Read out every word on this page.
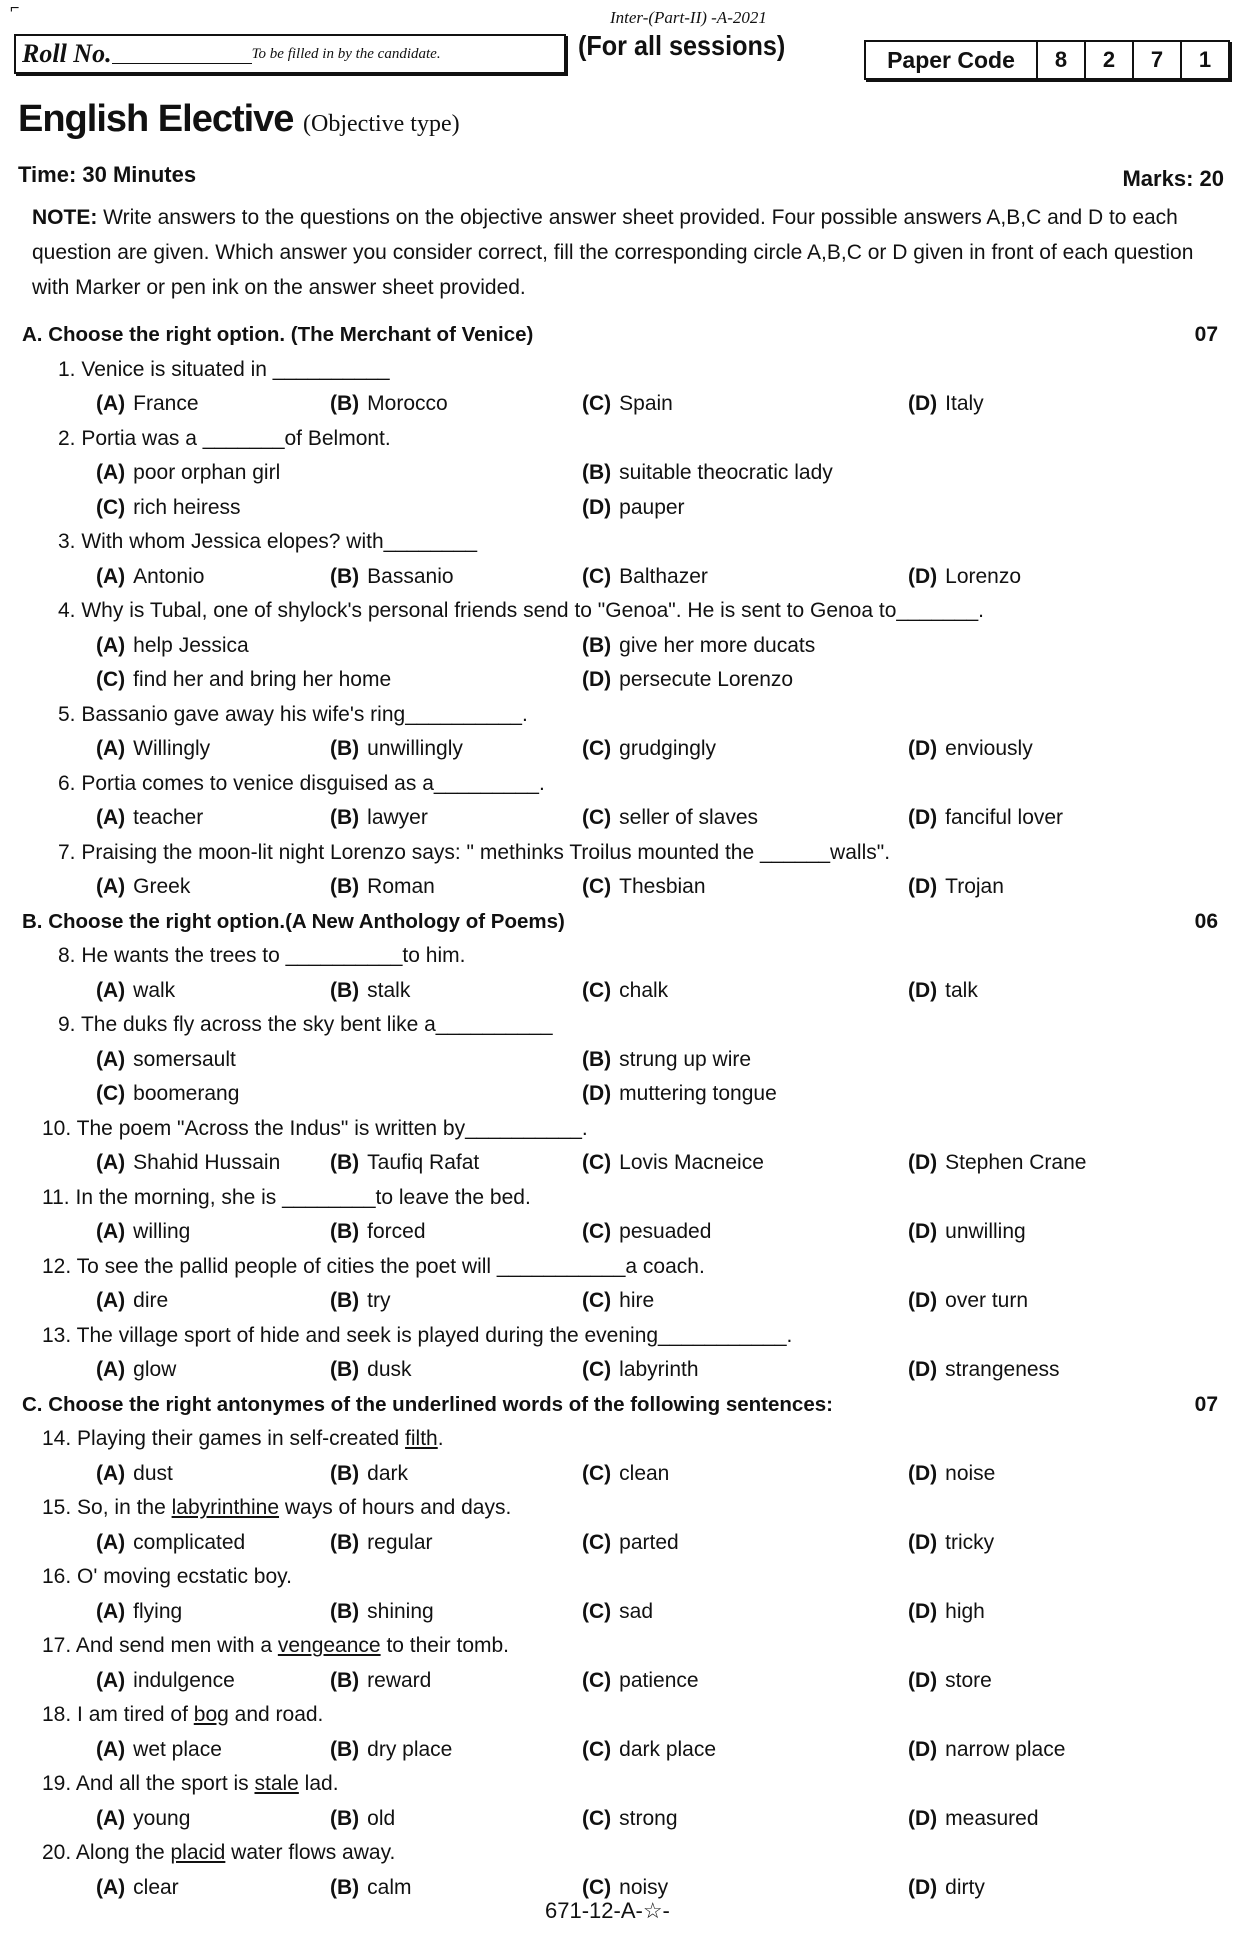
⌐	Inter-(Part-II) -A-2021
Roll No.	To be filled in by the candidate.	(For all sessions)	Paper Code	8	2	7	1
English Elective (Objective type)
Time: 30 Minutes	Marks: 20
NOTE: Write answers to the questions on the objective answer sheet provided. Four possible answers A,B,C and D to each question are given. Which answer you consider correct, fill the corresponding circle A,B,C or D given in front of each question with Marker or pen ink on the answer sheet provided.
A. Choose the right option. (The Merchant of Venice)	07
1. Venice is situated in __________
(A) France	(B) Morocco	(C) Spain	(D) Italy
2. Portia was a _______of Belmont.
(A) poor orphan girl	(B) suitable theocratic lady
(C) rich heiress	(D) pauper
3. With whom Jessica elopes? with________
(A) Antonio	(B) Bassanio	(C) Balthazer	(D) Lorenzo
4. Why is Tubal, one of shylock's personal friends send to "Genoa". He is sent to Genoa to_______.
(A) help Jessica	(B) give her more ducats
(C) find her and bring her home	(D) persecute Lorenzo
5. Bassanio gave away his wife's ring__________.
(A) Willingly	(B) unwillingly	(C) grudgingly	(D) enviously
6. Portia comes to venice disguised as a_________.
(A) teacher	(B) lawyer	(C) seller of slaves	(D) fanciful lover
7. Praising the moon-lit night Lorenzo says: " methinks Troilus mounted the ______walls".
(A) Greek	(B) Roman	(C) Thesbian	(D) Trojan
B. Choose the right option.(A New Anthology of Poems)	06
8. He wants the trees to __________to him.
(A) walk	(B) stalk	(C) chalk	(D) talk
9. The duks fly across the sky bent like a__________
(A) somersault	(B) strung up wire
(C) boomerang	(D) muttering tongue
10. The poem "Across the Indus" is written by__________.
(A) Shahid Hussain (B) Taufiq Rafat	(C) Lovis Macneice	(D) Stephen Crane
11. In the morning, she is ________to leave the bed.
(A) willing	(B) forced	(C) pesuaded	(D) unwilling
12. To see the pallid people of cities the poet will ___________a coach.
(A) dire	(B) try	(C) hire	(D) over turn
13. The village sport of hide and seek is played during the evening___________.
(A) glow	(B) dusk	(C) labyrinth	(D) strangeness
C. Choose the right antonymes of the underlined words of the following sentences:	07
14. Playing their games in self-created filth.
(A) dust	(B) dark	(C) clean	(D) noise
15. So, in the labyrinthine ways of hours and days.
(A) complicated	(B) regular	(C) parted	(D) tricky
16. O' moving ecstatic boy.
(A) flying	(B) shining	(C) sad	(D) high
17. And send men with a vengeance to their tomb.
(A) indulgence	(B) reward	(C) patience	(D) store
18. I am tired of bog and road.
(A) wet place	(B) dry place	(C) dark place	(D) narrow place
19. And all the sport is stale lad.
(A) young	(B) old	(C) strong	(D) measured
20. Along the placid water flows away.
(A) clear	(B) calm	(C) noisy	(D) dirty
671-12-A-☆-
